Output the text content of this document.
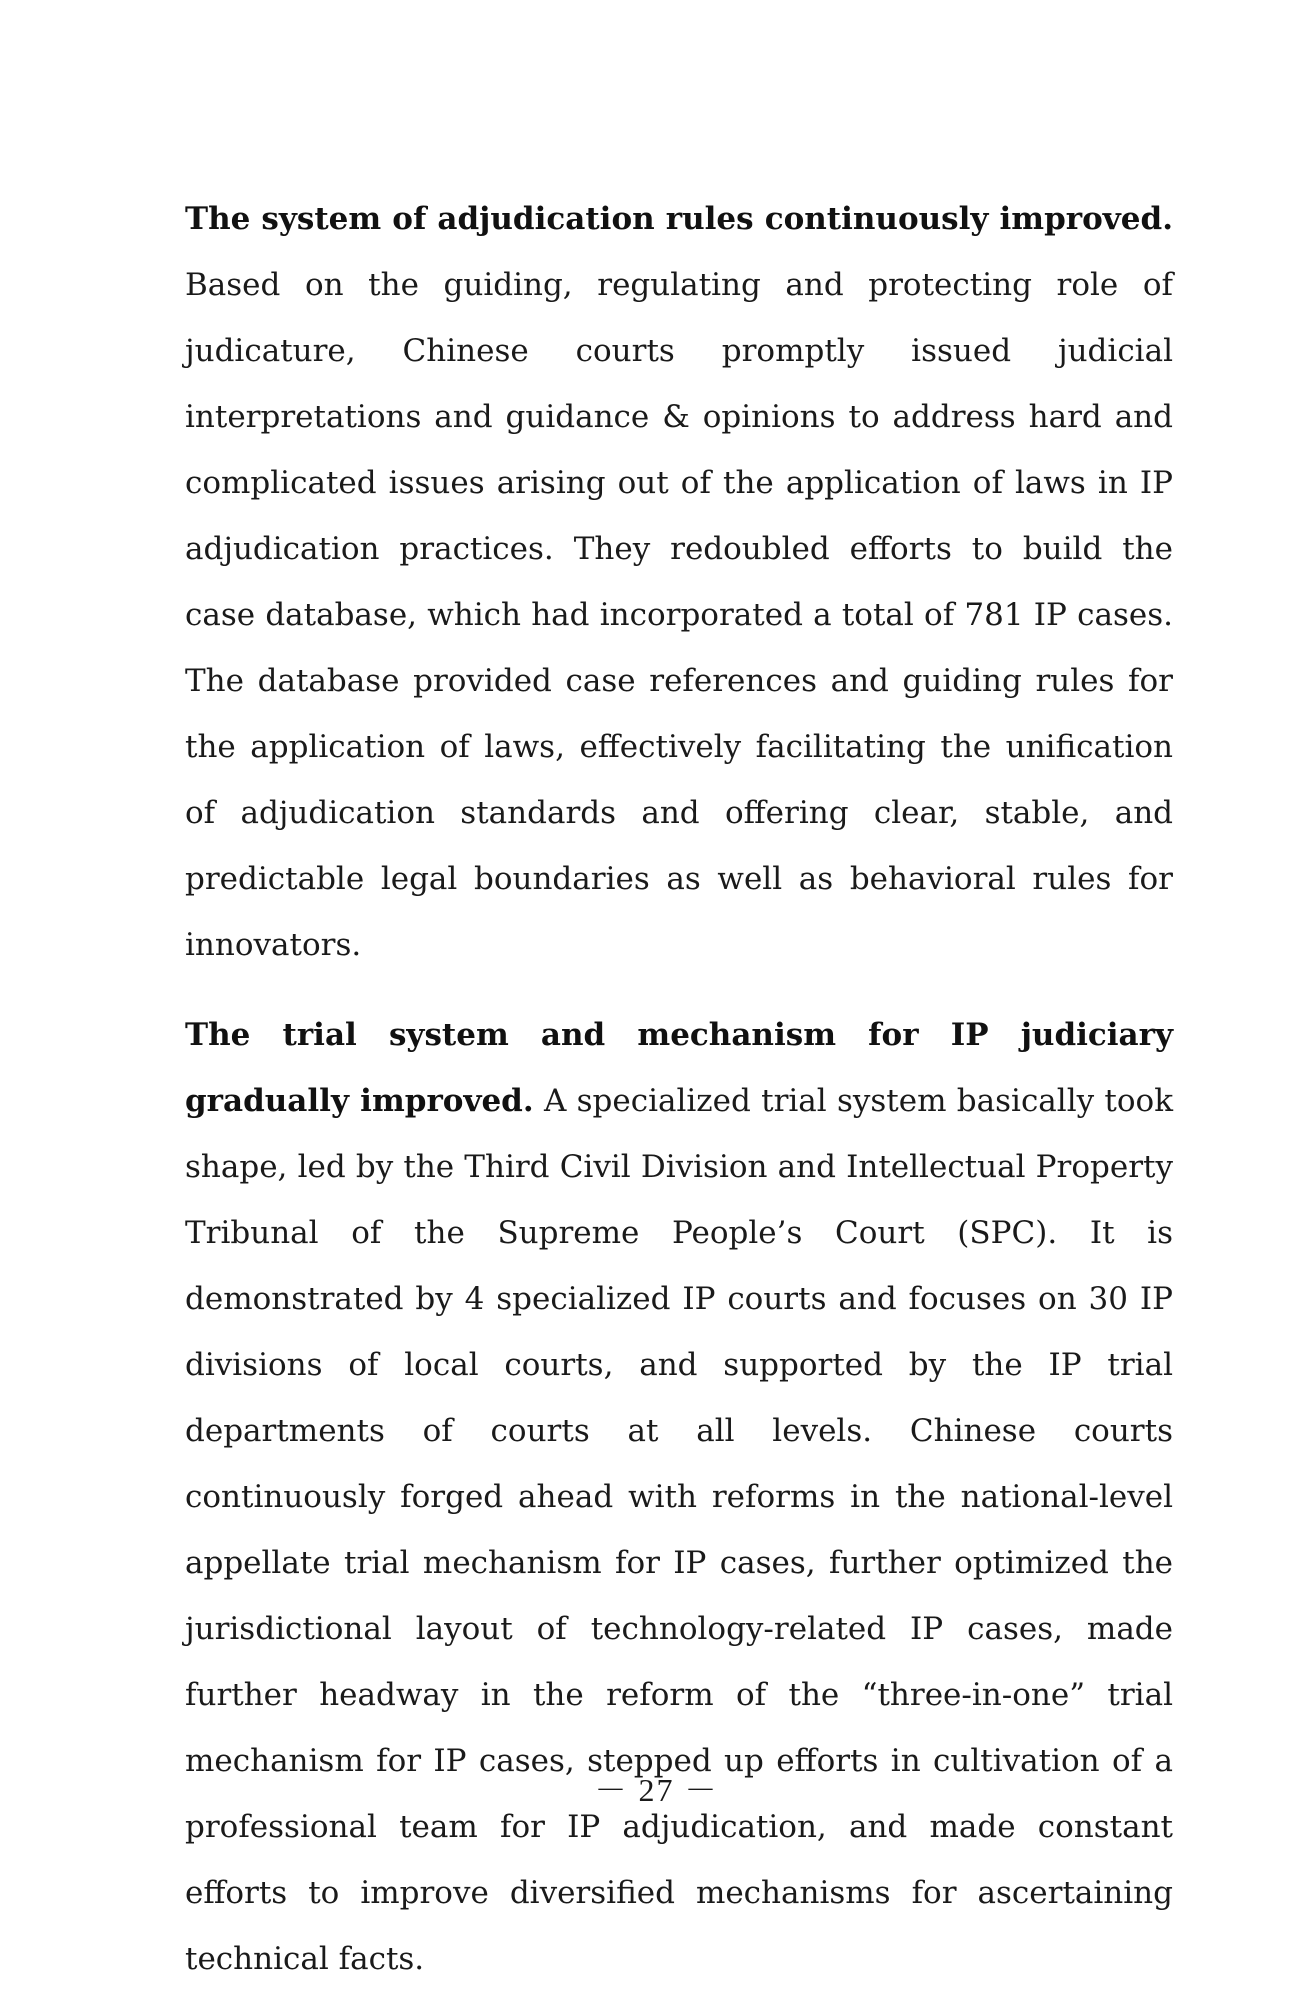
The system of adjudication rules continuously improved. Based on the guiding, regulating and protecting role of judicature, Chinese courts promptly issued judicial interpretations and guidance & opinions to address hard and complicated issues arising out of the application of laws in IP adjudication practices. They redoubled efforts to build the case database, which had incorporated a total of 781 IP cases. The database provided case references and guiding rules for the application of laws, effectively facilitating the unification of adjudication standards and offering clear, stable, and predictable legal boundaries as well as behavioral rules for innovators.

The trial system and mechanism for IP judiciary gradually improved. A specialized trial system basically took shape, led by the Third Civil Division and Intellectual Property Tribunal of the Supreme People’s Court (SPC). It is demonstrated by 4 specialized IP courts and focuses on 30 IP divisions of local courts, and supported by the IP trial departments of courts at all levels. Chinese courts continuously forged ahead with reforms in the national-level appellate trial mechanism for IP cases, further optimized the jurisdictional layout of technology-related IP cases, made further headway in the reform of the “three-in-one” trial mechanism for IP cases, stepped up efforts in cultivation of a professional team for IP adjudication, and made constant efforts to improve diversified mechanisms for ascertaining technical facts.

－ 27 －
